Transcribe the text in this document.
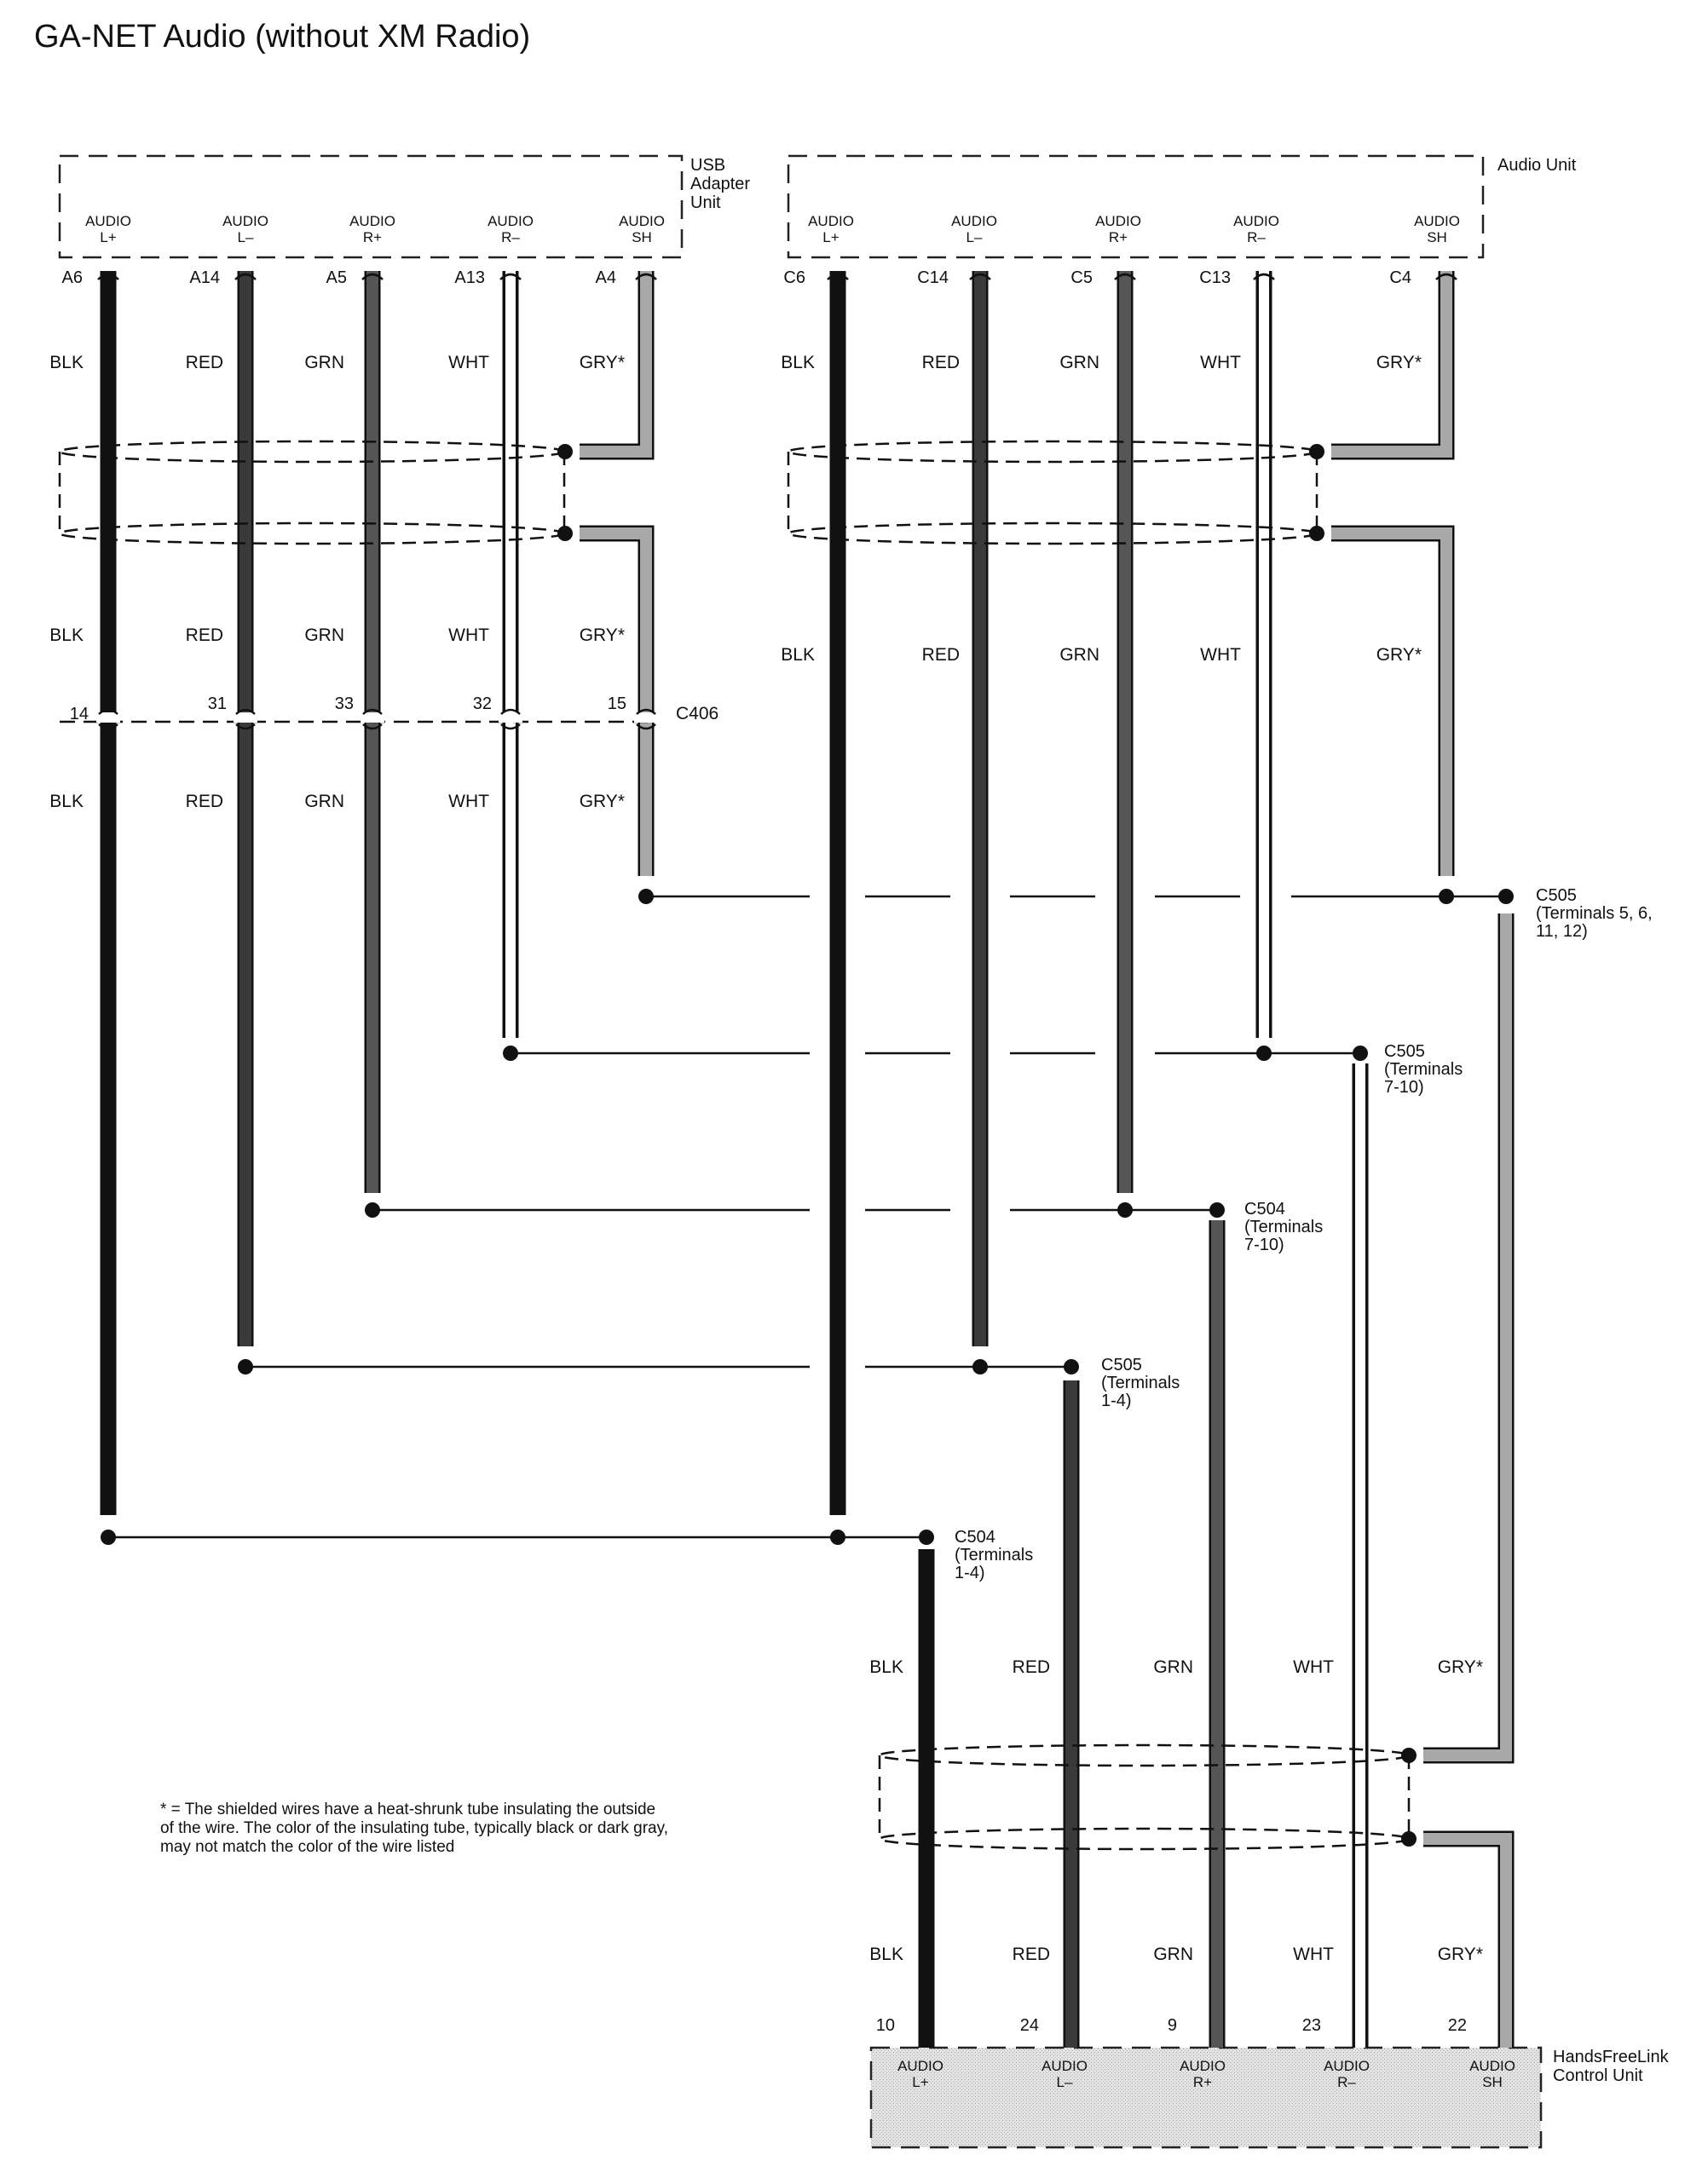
GA-NET Audio (without XM Radio)
USB
Adapter
Unit
Audio Unit
HandsFreeLink
Control Unit
AUDIO
L+
A6
AUDIO
L–
A14
AUDIO
R+
A5
AUDIO
R–
A13
AUDIO
SH
A4
AUDIO
L+
C6
AUDIO
L–
C14
AUDIO
R+
C5
AUDIO
R–
C13
AUDIO
SH
C4
AUDIO
L+
10
AUDIO
L–
24
AUDIO
R+
9
AUDIO
R–
23
AUDIO
SH
22
C406
14
31	33	32	15
BLK	RED	GRN	WHT	GRY*
BLK	RED	GRN	WHT	GRY*
BLK	RED	GRN	WHT	GRY*
BLK	RED	GRN	WHT	GRY*
BLK	RED	GRN	WHT	GRY*
BLK	RED	GRN	WHT	GRY*
BLK	RED	GRN	WHT	GRY*
C505
(Terminals 5, 6,
11, 12)
C505
(Terminals
7-10)
C504
(Terminals
7-10)
C505
(Terminals
1-4)
C504
(Terminals
1-4)
* = The shielded wires have a heat-shrunk tube insulating the outside of the wire. The color of the insulating tube, typically black or dark gray, may not match the color of the wire listed
